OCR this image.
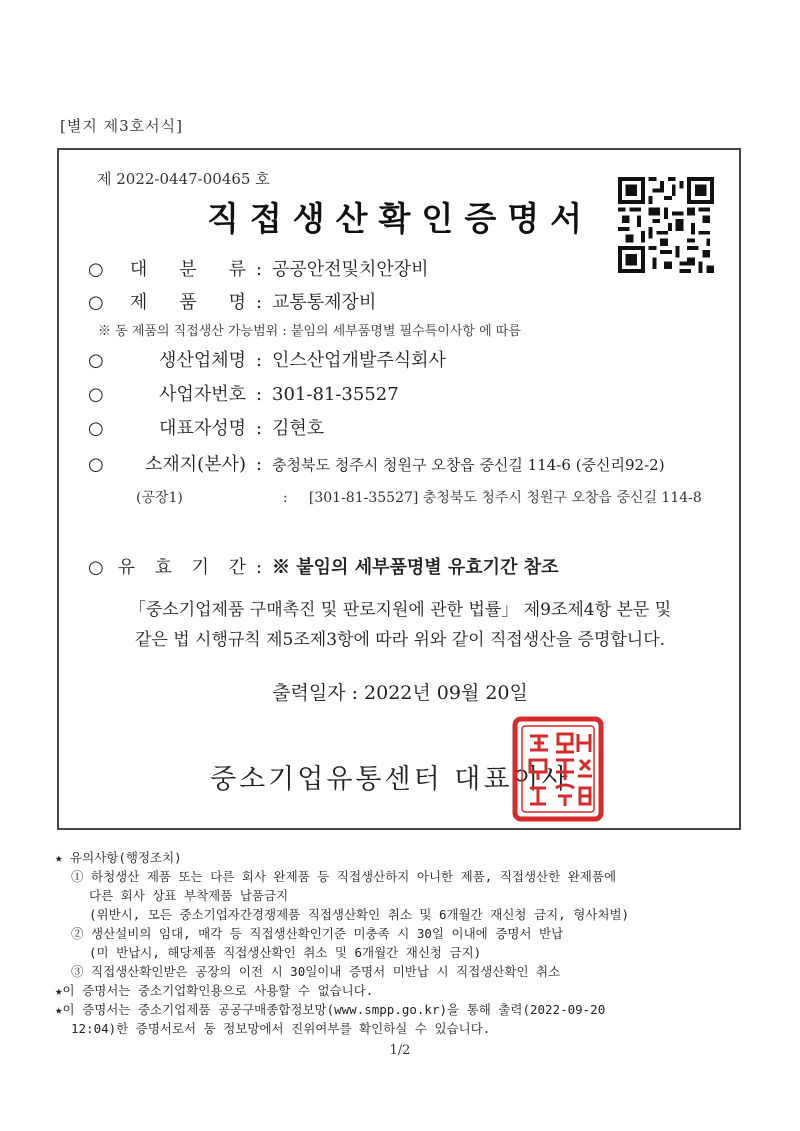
[별지 제3호서식]
제 2022-0447-00465 호
직접생산확인증명서
○대 분 류 : 공공안전및치안장비
○제 품 명 : 교통통제장비
※ 동 제품의 직접생산 가능범위 : 붙임의 세부품명별 필수특이사항 에 따름
○생산업체명 : 인스산업개발주식회사
○사업자번호 : 301-81-35527
○대표자성명 : 김현호
○소재지(본사) : 충청북도 청주시 청원구 오창읍 중신길 114-6 (중신리92-2)
(공장1)	: [301-81-35527] 충청북도 청주시 청원구 오창읍 중신길 114-8
○유 효 기 간 : ※ 붙임의 세부품명별 유효기간 참조
「중소기업제품 구매촉진 및 판로지원에 관한 법률」 제9조제4항 본문 및
같은 법 시행규칙 제5조제3항에 따라 위와 같이 직접생산을 증명합니다.
출력일자 : 2022년 09월 20일
중소기업유통센터 대표이사
★ 유의사항(행정조치)
① 하청생산 제품 또는 다른 회사 완제품 등 직접생산하지 아니한 제품, 직접생산한 완제품에
다른 회사 상표 부착제품 납품금지
(위반시, 모든 중소기업자간경쟁제품 직접생산확인 취소 및 6개월간 재신청 금지, 형사처벌)
② 생산설비의 임대, 매각 등 직접생산확인기준 미충족 시 30일 이내에 증명서 반납
(미 반납시, 해당제품 직접생산확인 취소 및 6개월간 재신청 금지)
③ 직접생산확인받은 공장의 이전 시 30일이내 증명서 미반납 시 직접생산확인 취소
★이 증명서는 중소기업확인용으로 사용할 수 없습니다.
★이 증명서는 중소기업제품 공공구매종합정보망(www.smpp.go.kr)을 통해 출력(2022-09-20
12:04)한 증명서로서 동 정보망에서 진위여부를 확인하실 수 있습니다.
1/2
